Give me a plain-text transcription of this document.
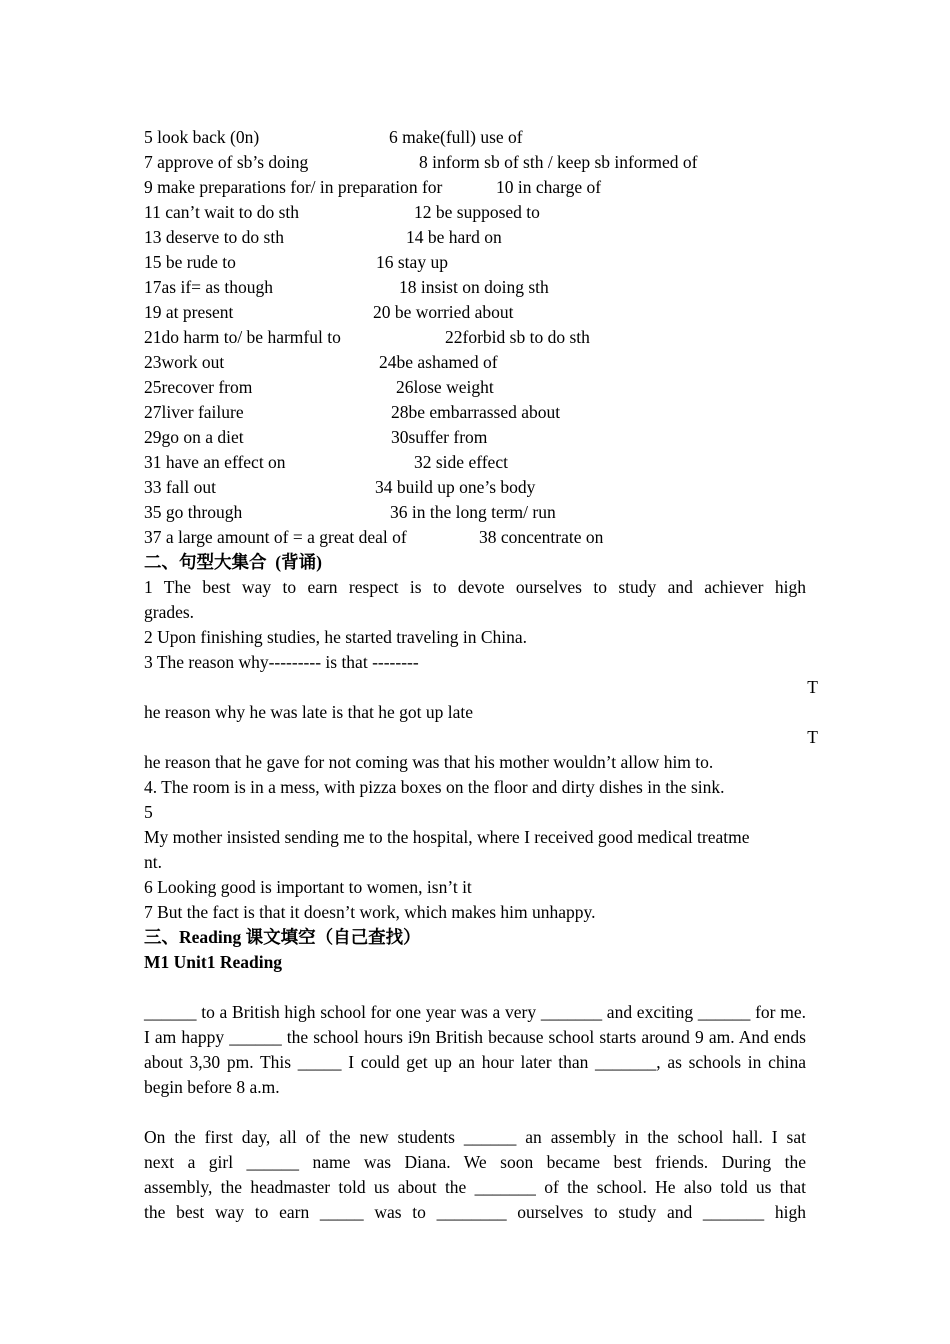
5 look back (0n)	6 make(full) use of
7 approve of sb’s doing	8 inform sb of sth / keep sb informed of
9 make preparations for/ in preparation for	10 in charge of
11 can’t wait to do sth	12 be supposed to
13 deserve to do sth	14 be hard on
15 be rude to	16 stay up
17as if= as though	18 insist on doing sth
19 at present	20 be worried about
21do harm to/ be harmful to	22forbid sb to do sth
23work out	24be ashamed of
25recover from	26lose weight
27liver failure	28be embarrassed about
29go on a diet	30suffer from
31 have an effect on	32 side effect
33 fall out	34 build up one’s body
35 go through	36 in the long term/ run
37 a large amount of = a great deal of	38 concentrate on
二、句型大集合  (背诵)
1 The best way to earn respect is to devote ourselves to study and achiever high
grades.
2 Upon finishing studies, he started traveling in China.
3 The reason why--------- is that --------
T
he reason why he was late is that he got up late
T
he reason that he gave for not coming was that his mother wouldn’t allow him to.
4. The room is in a mess, with pizza boxes on the floor and dirty dishes in the sink.
5
My mother insisted sending me to the hospital, where I received good medical treatme
nt.
6 Looking good is important to women, isn’t it
7 But the fact is that it doesn’t work, which makes him unhappy.
三、Reading 课文填空（自己查找）
M1 Unit1 Reading
______ to a British high school for one year was a very _______ and exciting ______ for me. I am happy ______ the school hours i9n British because school starts around 9 am. And ends about 3,30 pm. This _____ I could get up an hour later than _______, as schools in china begin before 8 a.m.
On the first day, all of the new students ______ an assembly in the school hall. I sat
next a girl ______ name was Diana. We soon became best friends. During the
assembly, the headmaster told us about the _______ of the school. He also told us that
the best way to earn _____ was to ________ ourselves to study and _______ high
